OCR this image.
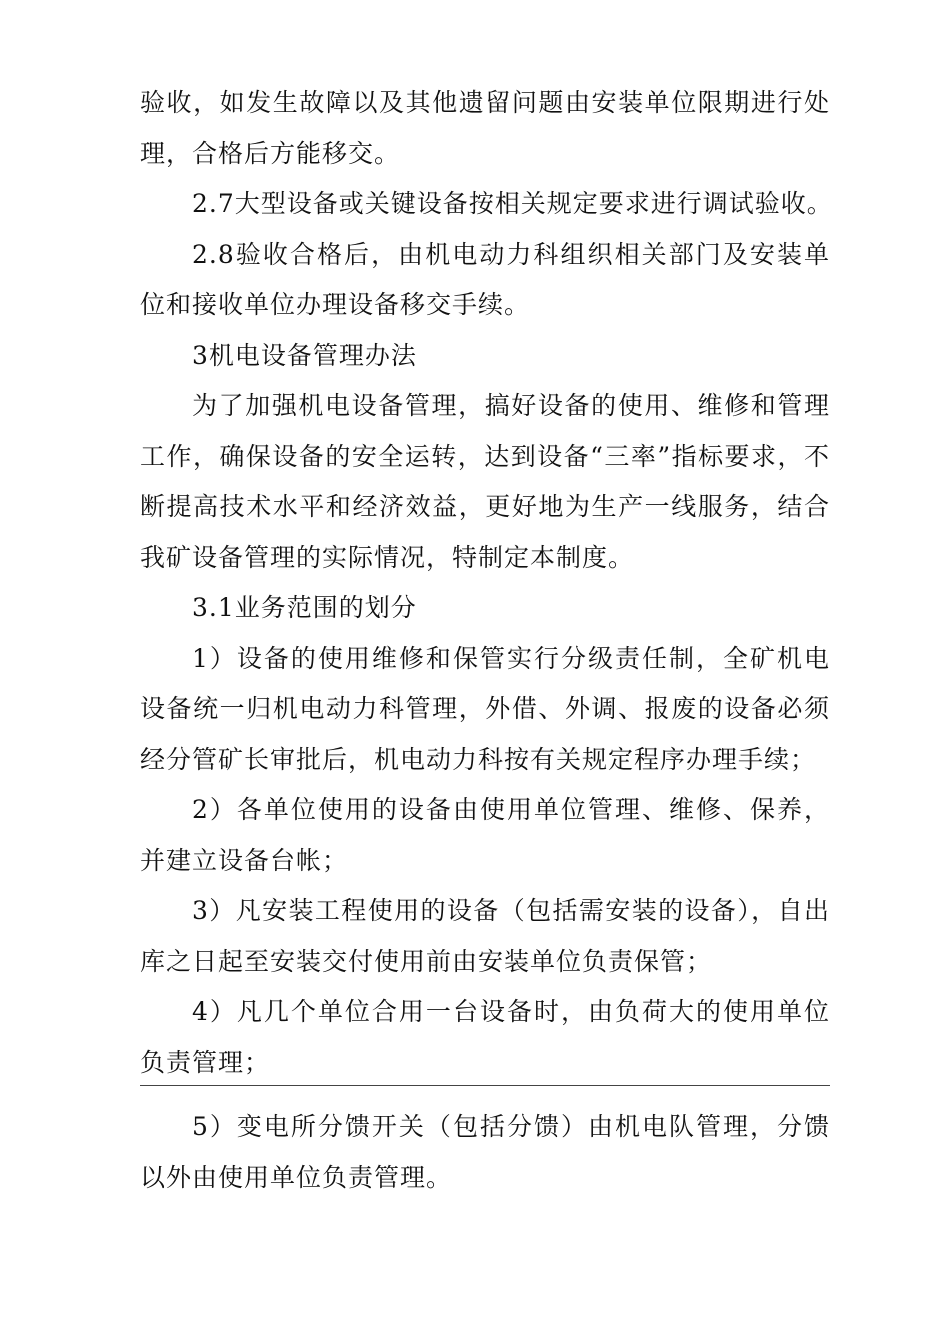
验收，如发生故障以及其他遗留问题由安装单位限期进行处理，合格后方能移交。

2.7大型设备或关键设备按相关规定要求进行调试验收。

2.8验收合格后，由机电动力科组织相关部门及安装单位和接收单位办理设备移交手续。

3机电设备管理办法

为了加强机电设备管理，搞好设备的使用、维修和管理工作，确保设备的安全运转，达到设备“三率”指标要求，不断提高技术水平和经济效益，更好地为生产一线服务，结合我矿设备管理的实际情况，特制定本制度。

3.1业务范围的划分

1）设备的使用维修和保管实行分级责任制，全矿机电设备统一归机电动力科管理，外借、外调、报废的设备必须经分管矿长审批后，机电动力科按有关规定程序办理手续；

2）各单位使用的设备由使用单位管理、维修、保养，并建立设备台帐；

3）凡安装工程使用的设备（包括需安装的设备），自出库之日起至安装交付使用前由安装单位负责保管；

4）凡几个单位合用一台设备时，由负荷大的使用单位负责管理；

5）变电所分馈开关（包括分馈）由机电队管理，分馈以外由使用单位负责管理。
